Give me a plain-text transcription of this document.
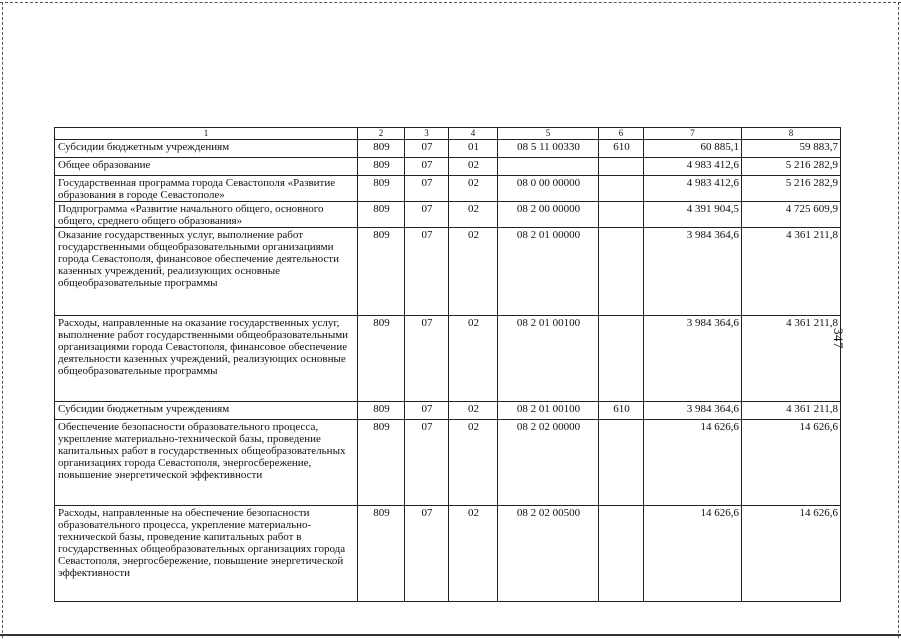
347
1	2	3	4	5	6	7	8
Субсидии бюджетным учреждениям	809	07	01	08 5 11 00330	610	60 885,1	59 883,7
Общее образование	809	07	02			4 983 412,6	5 216 282,9
Государственная программа города Севастополя «Развитие образования в городе Севастополе»	809	07	02	08 0 00 00000		4 983 412,6	5 216 282,9
Подпрограмма «Развитие начального общего, основного общего, среднего общего образования»	809	07	02	08 2 00 00000		4 391 904,5	4 725 609,9
Оказание государственных услуг, выполнение работ государственными общеобразовательными организациями города Севастополя, финансовое обеспечение деятельности казенных учреждений, реализующих основные общеобразовательные программы	809	07	02	08 2 01 00000		3 984 364,6	4 361 211,8
Расходы, направленные на оказание государственных услуг, выполнение работ государственными общеобразовательными организациями города Севастополя, финансовое обеспечение деятельности казенных учреждений, реализующих основные общеобразовательные программы	809	07	02	08 2 01 00100		3 984 364,6	4 361 211,8
Субсидии бюджетным учреждениям	809	07	02	08 2 01 00100	610	3 984 364,6	4 361 211,8
Обеспечение безопасности образовательного процесса, укрепление материально-технической базы, проведение капитальных работ в государственных общеобразовательных организациях города Севастополя, энергосбережение, повышение энергетической эффективности	809	07	02	08 2 02 00000		14 626,6	14 626,6
Расходы, направленные на обеспечение безопасности образовательного процесса, укрепление материально-технической базы, проведение капитальных работ в государственных общеобразовательных организациях города Севастополя, энергосбережение, повышение энергетической эффективности	809	07	02	08 2 02 00500		14 626,6	14 626,6
